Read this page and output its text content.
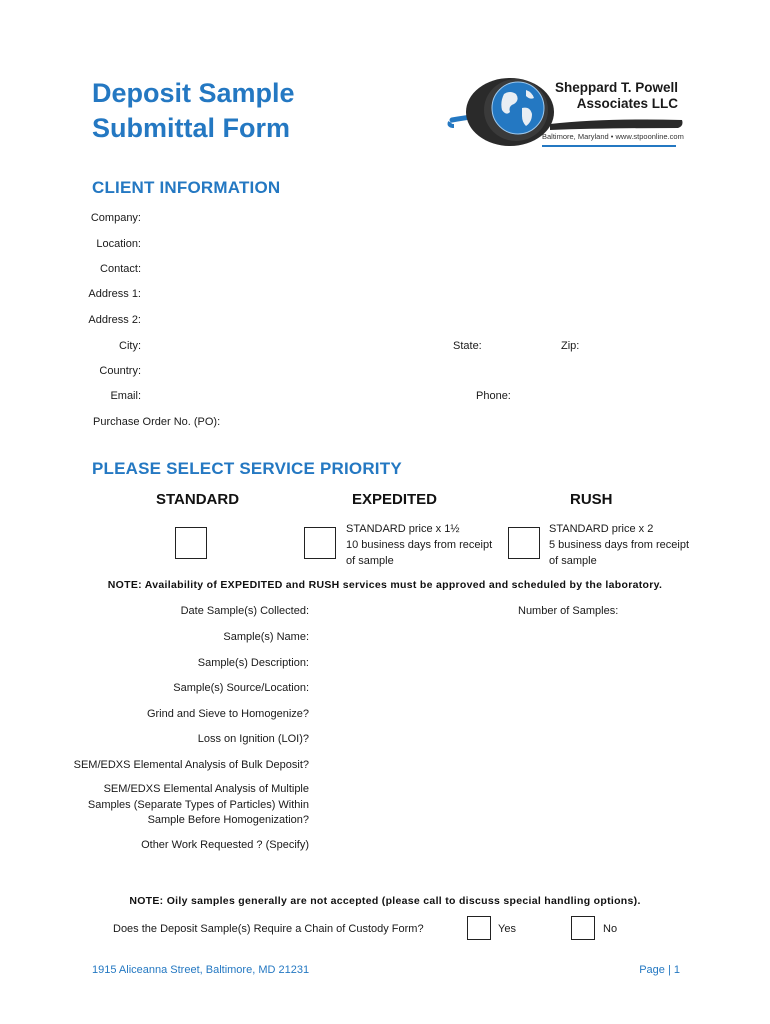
Deposit Sample
Submittal Form
Sheppard T. Powell
Associates LLC
Baltimore, Maryland • www.stpoonline.com
CLIENT INFORMATION
Company:
Location:
Contact:
Address 1:
Address 2:
City:	State:	Zip:
Country:
Email:	Phone:
Purchase Order No. (PO):
PLEASE SELECT SERVICE PRIORITY
STANDARD	EXPEDITED	RUSH
STANDARD price x 1½
10 business days from receipt
of sample
STANDARD price x 2
5 business days from receipt
of sample
NOTE: Availability of EXPEDITED and RUSH services must be approved and scheduled by the laboratory.
Date Sample(s) Collected:	Number of Samples:
Sample(s) Name:
Sample(s) Description:
Sample(s) Source/Location:
Grind and Sieve to Homogenize?
Loss on Ignition (LOI)?
SEM/EDXS Elemental Analysis of Bulk Deposit?
SEM/EDXS Elemental Analysis of Multiple
Samples (Separate Types of Particles) Within
Sample Before Homogenization?
Other Work Requested ? (Specify)
NOTE: Oily samples generally are not accepted (please call to discuss special handling options).
Does the Deposit Sample(s) Require a Chain of Custody Form?	Yes	No
1915 Aliceanna Street, Baltimore, MD 21231	Page | 1
